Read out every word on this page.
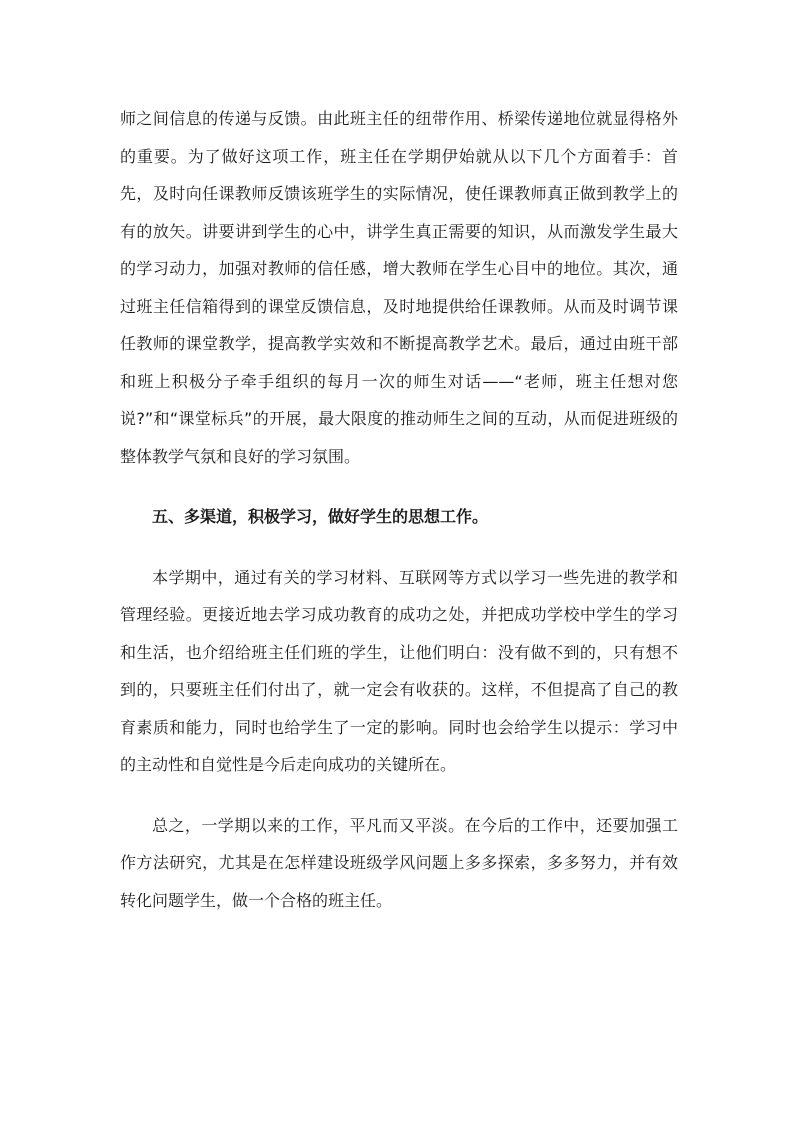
师之间信息的传递与反馈。由此班主任的纽带作用、桥梁传递地位就显得格外的重要。为了做好这项工作，班主任在学期伊始就从以下几个方面着手：首先，及时向任课教师反馈该班学生的实际情况，使任课教师真正做到教学上的有的放矢。讲要讲到学生的心中，讲学生真正需要的知识，从而激发学生最大的学习动力，加强对教师的信任感，增大教师在学生心目中的地位。其次，通过班主任信箱得到的课堂反馈信息，及时地提供给任课教师。从而及时调节课任教师的课堂教学，提高教学实效和不断提高教学艺术。最后，通过由班干部和班上积极分子牵手组织的每月一次的师生对话——“老师，班主任想对您说?”和“课堂标兵”的开展，最大限度的推动师生之间的互动，从而促进班级的整体教学气氛和良好的学习氛围。

五、多渠道，积极学习，做好学生的思想工作。

本学期中，通过有关的学习材料、互联网等方式以学习一些先进的教学和管理经验。更接近地去学习成功教育的成功之处，并把成功学校中学生的学习和生活，也介绍给班主任们班的学生，让他们明白：没有做不到的，只有想不到的，只要班主任们付出了，就一定会有收获的。这样，不但提高了自己的教育素质和能力，同时也给学生了一定的影响。同时也会给学生以提示：学习中的主动性和自觉性是今后走向成功的关键所在。

总之，一学期以来的工作，平凡而又平淡。在今后的工作中，还要加强工作方法研究，尤其是在怎样建设班级学风问题上多多探索，多多努力，并有效转化问题学生，做一个合格的班主任。
